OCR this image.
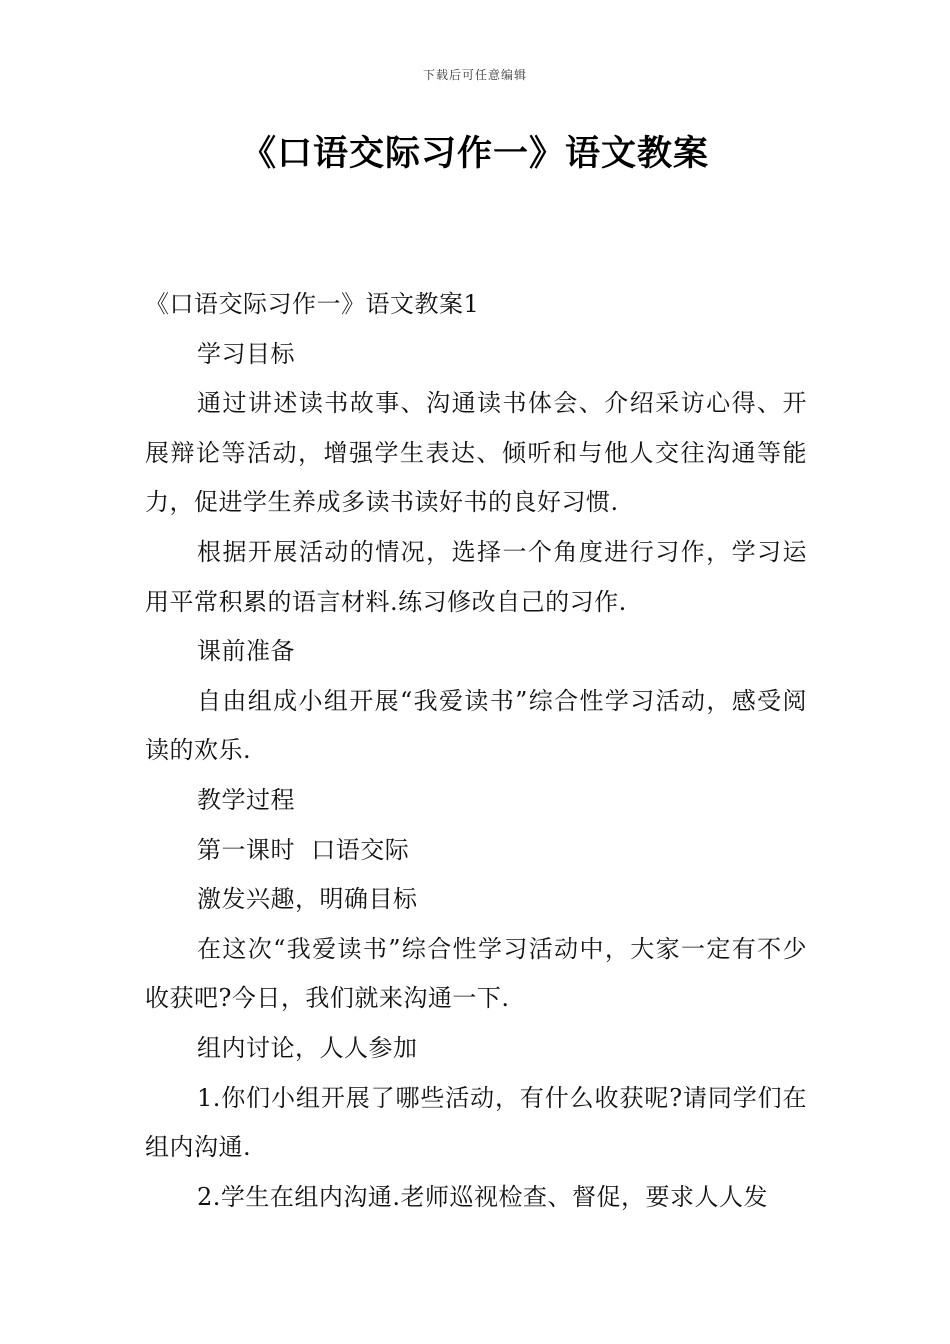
下载后可任意编辑
《口语交际习作一》语文教案

《口语交际习作一》语文教案1

学习目标

通过讲述读书故事、沟通读书体会、介绍采访心得、开展辩论等活动，增强学生表达、倾听和与他人交往沟通等能力，促进学生养成多读书读好书的良好习惯.

根据开展活动的情况，选择一个角度进行习作，学习运用平常积累的语言材料.练习修改自己的习作.

课前准备

自由组成小组开展“我爱读书”综合性学习活动，感受阅读的欢乐.

教学过程

第一课时  口语交际

激发兴趣，明确目标

在这次“我爱读书”综合性学习活动中，大家一定有不少收获吧?今日，我们就来沟通一下.

组内讨论，人人参加

1.你们小组开展了哪些活动，有什么收获呢?请同学们在组内沟通.

2.学生在组内沟通.老师巡视检查、督促，要求人人发
